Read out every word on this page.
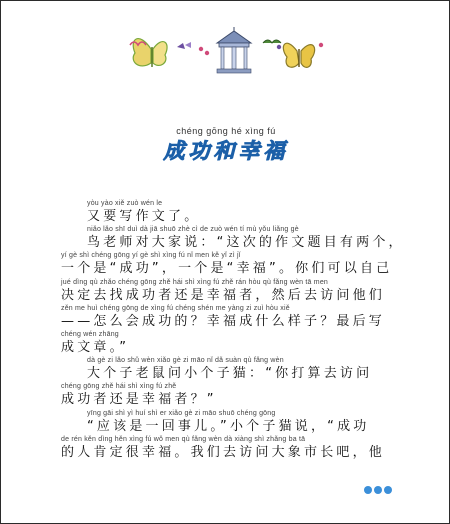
chéng gōng hé xìng fú
成功和幸福
yòu yào xiě zuò wén le
又要写作文了。
niǎo lǎo shī duì dà jiā shuō zhè cì de zuò wén tí mù yǒu liǎng gè
鸟老师对大家说：“这次的作文题目有两个，
yí gè shì chéng gōng yí gè shì xìng fú nǐ men kě yǐ zì jǐ
一个是“成功”，一个是“幸福”。你们可以自己
jué dìng qù zhǎo chéng gōng zhě hái shì xìng fú zhě rán hòu qù fǎng wèn tā men
决定去找成功者还是幸福者，然后去访问他们
zěn me huì chéng gōng de xìng fú chéng shén me yàng zi zuì hòu xiě
——怎么会成功的？幸福成什么样子？最后写
chéng wén zhāng
成文章。”
dà gè zi lǎo shǔ wèn xiǎo gè zi māo nǐ dǎ suàn qù fǎng wèn
大个子老鼠问小个子猫：“你打算去访问
chéng gōng zhě hái shì xìng fú zhě
成功者还是幸福者？”
yīng gāi shì yì huí shì er xiǎo gè zi māo shuō chéng gōng
“应该是一回事儿。”小个子猫说，“成功
de rén kěn dìng hěn xìng fú wǒ men qù fǎng wèn dà xiàng shì zhǎng ba tā
的人肯定很幸福。我们去访问大象市长吧，他
